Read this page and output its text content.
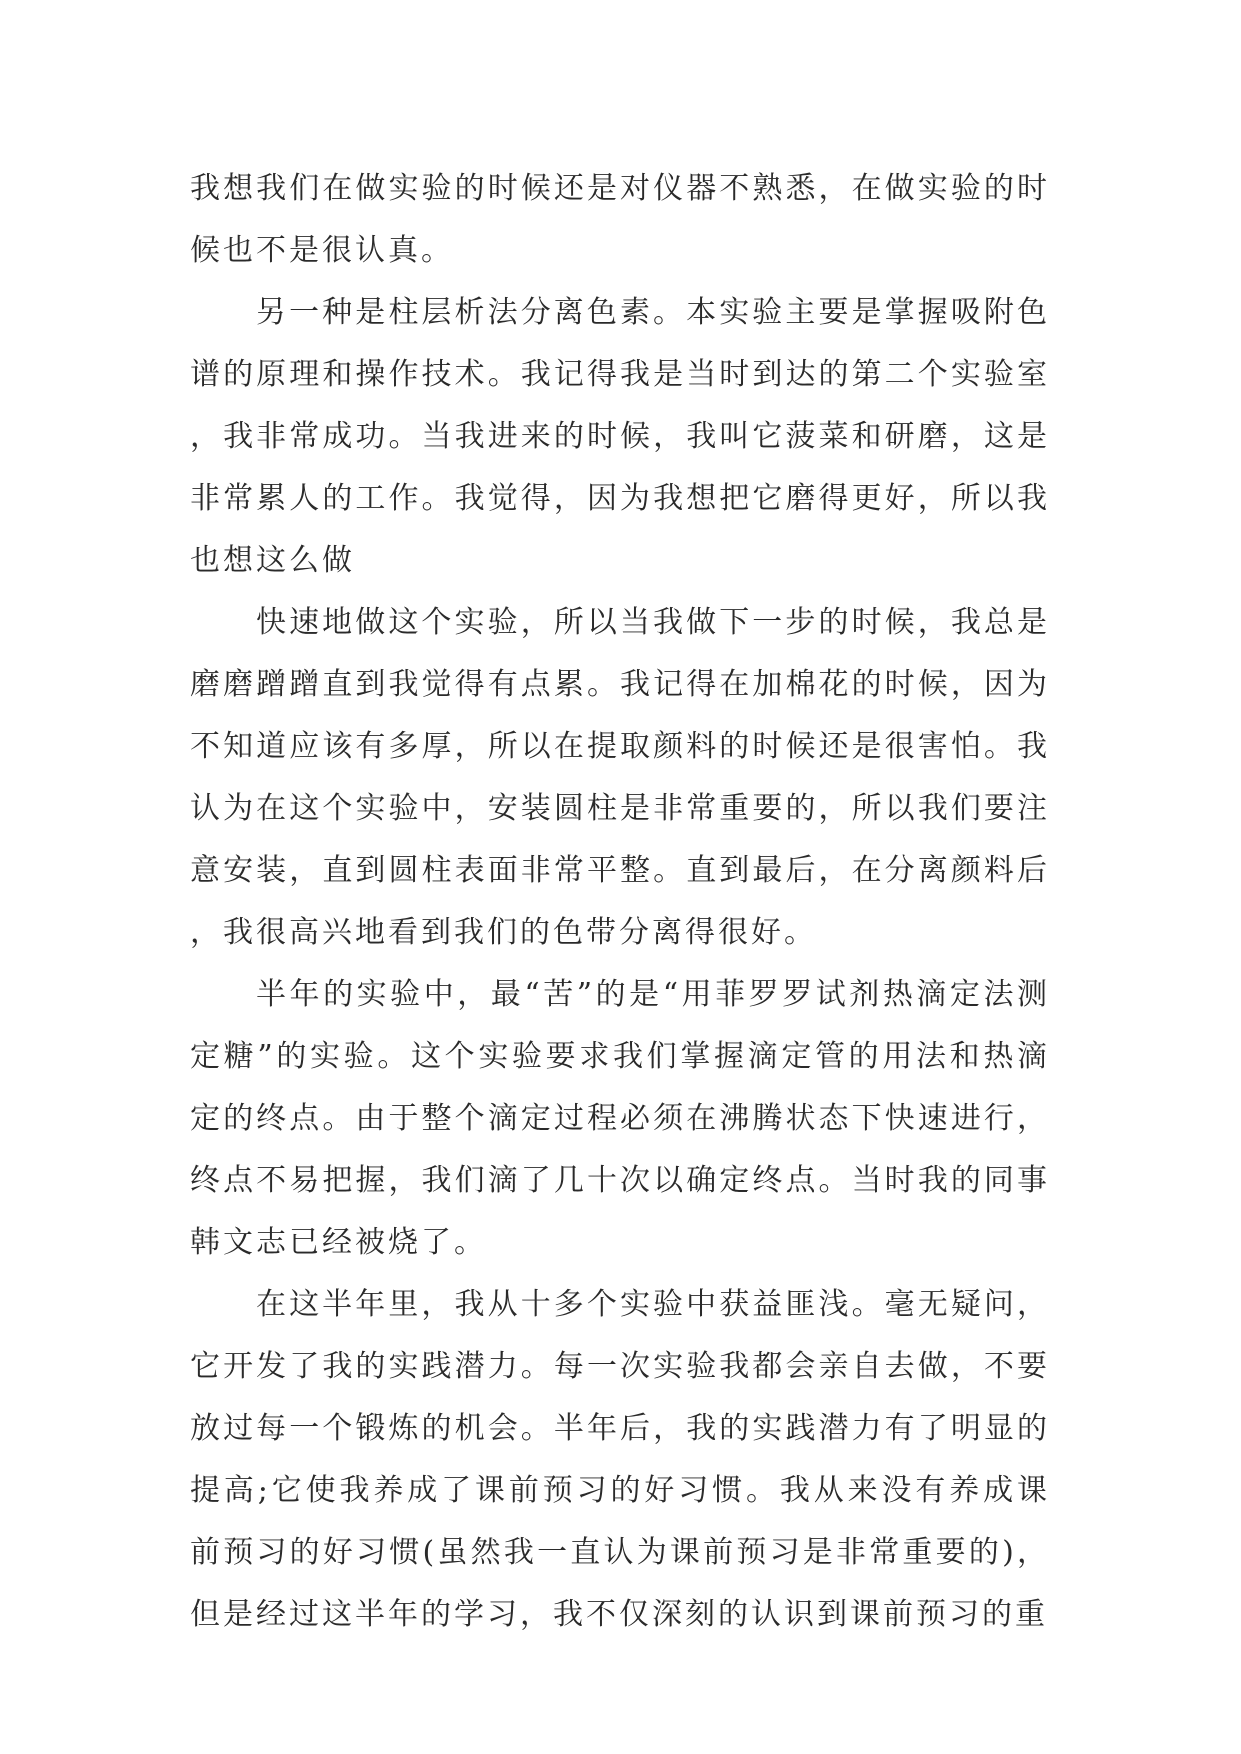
我想我们在做实验的时候还是对仪器不熟悉，在做实验的时候也不是很认真。

另一种是柱层析法分离色素。本实验主要是掌握吸附色谱的原理和操作技术。我记得我是当时到达的第二个实验室，我非常成功。当我进来的时候，我叫它菠菜和研磨，这是非常累人的工作。我觉得，因为我想把它磨得更好，所以我也想这么做

快速地做这个实验，所以当我做下一步的时候，我总是磨磨蹭蹭直到我觉得有点累。我记得在加棉花的时候，因为不知道应该有多厚，所以在提取颜料的时候还是很害怕。我认为在这个实验中，安装圆柱是非常重要的，所以我们要注意安装，直到圆柱表面非常平整。直到最后，在分离颜料后，我很高兴地看到我们的色带分离得很好。

半年的实验中，最“苦”的是“用菲罗罗试剂热滴定法测定糖”的实验。这个实验要求我们掌握滴定管的用法和热滴定的终点。由于整个滴定过程必须在沸腾状态下快速进行，终点不易把握，我们滴了几十次以确定终点。当时我的同事韩文志已经被烧了。

在这半年里，我从十多个实验中获益匪浅。毫无疑问，它开发了我的实践潜力。每一次实验我都会亲自去做，不要放过每一个锻炼的机会。半年后，我的实践潜力有了明显的提高;它使我养成了课前预习的好习惯。我从来没有养成课前预习的好习惯(虽然我一直认为课前预习是非常重要的)，但是经过这半年的学习，我不仅深刻的认识到课前预习的重
